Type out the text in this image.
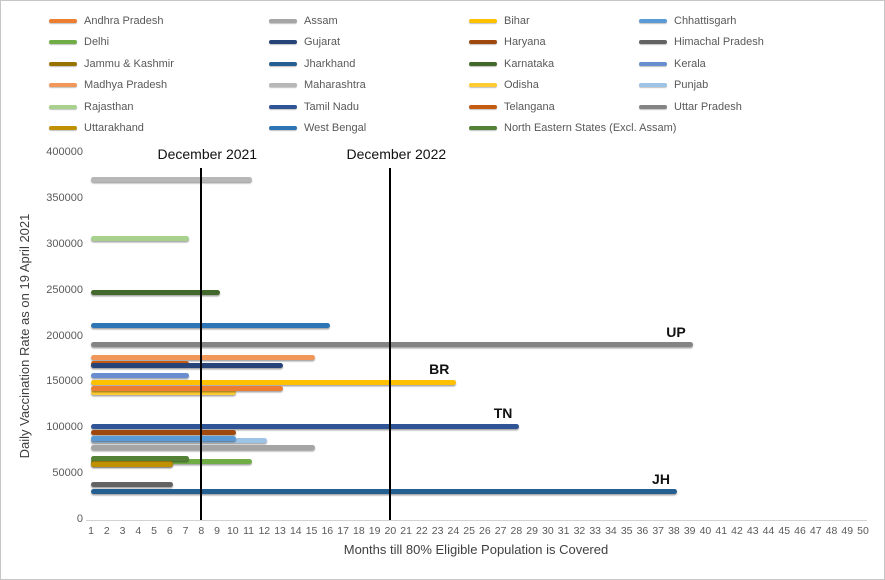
Andhra Pradesh	Assam	Bihar	Chhattisgarh
Delhi	Gujarat	Haryana	Himachal Pradesh
Jammu & Kashmir	Jharkhand	Karnataka	Kerala
Madhya Pradesh	Maharashtra	Odisha	Punjab
Rajasthan	Tamil Nadu	Telangana	Uttar Pradesh
Uttarakhand	West Bengal	North Eastern States (Excl. Assam)
0
50000
100000
150000
200000
250000
300000
350000
400000
1 2 3 4 5 6 7 8 9 10 11 12 13 14 15 16 17 18 19 20 21 22 23 24 25 26 27 28 29 30 31 32 33 34 35 36 37 38 39 40 41 42 43 44 45 46 47 48 49 50
UP
BR
TN
JH
December 2021	December 2022
Months till 80% Eligible Population is Covered
Daily Vaccination Rate as on 19 April 2021
